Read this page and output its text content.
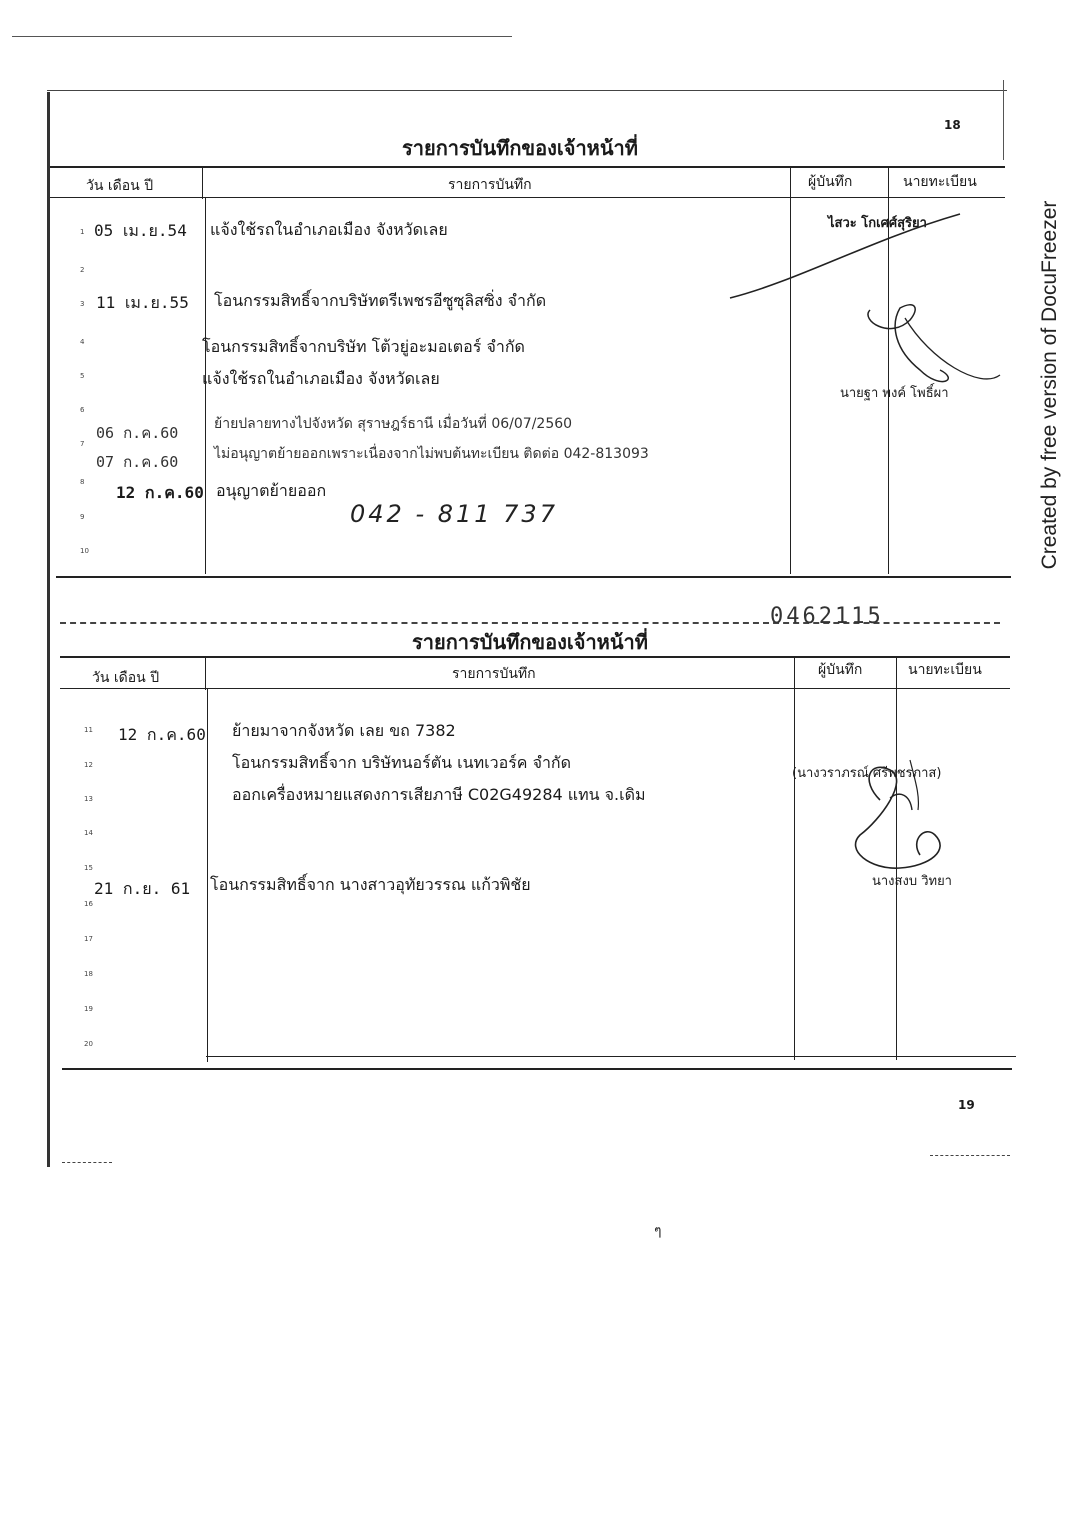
Created by free version of DocuFreezer
18
รายการบันทึกของเจ้าหน้าที่
วัน เดือน ปี	รายการบันทึก	ผู้บันทึก	นายทะเบียน
1
2
3
4
5
6
7
8
9
10
05 เม.ย.54 แจ้งใช้รถในอำเภอเมือง จังหวัดเลย
11 เม.ย.55 โอนกรรมสิทธิ์จากบริษัทตรีเพชรอีซูซุลิสซิ่ง จำกัด
โอนกรรมสิทธิ์จากบริษัท โต้วยู่อะมอเตอร์ จำกัด
แจ้งใช้รถในอำเภอเมือง จังหวัดเลย
06 ก.ค.60	ย้ายปลายทางไปจังหวัด สุราษฎร์ธานี เมื่อวันที่ 06/07/2560
07 ก.ค.60	ไม่อนุญาตย้ายออกเพราะเนื่องจากไม่พบต้นทะเบียน ติดต่อ 042-813093
12 ก.ค.60 อนุญาตย้ายออก
042 - 811 737
ไสวะ โกเศศ์สุริยา
นายฐา พงค์ โพธิ์ผา
0462115
รายการบันทึกของเจ้าหน้าที่
วัน เดือน ปี	รายการบันทึก	ผู้บันทึก	นายทะเบียน
11
12
13
14
15
16
17
18
19
20
12 ก.ค.60 ย้ายมาจากจังหวัด เลย ขถ 7382
โอนกรรมสิทธิ์จาก บริษัทนอร์ตัน เนทเวอร์ค จำกัด
ออกเครื่องหมายแสดงการเสียภาษี C02G49284 แทน จ.เดิม
21 ก.ย. 61 โอนกรรมสิทธิ์จาก นางสาวอุทัยวรรณ แก้วพิชัย
(นางวราภรณ์ ศรีพชรภาส)
นางสงบ วิทยา
19
ๆ
